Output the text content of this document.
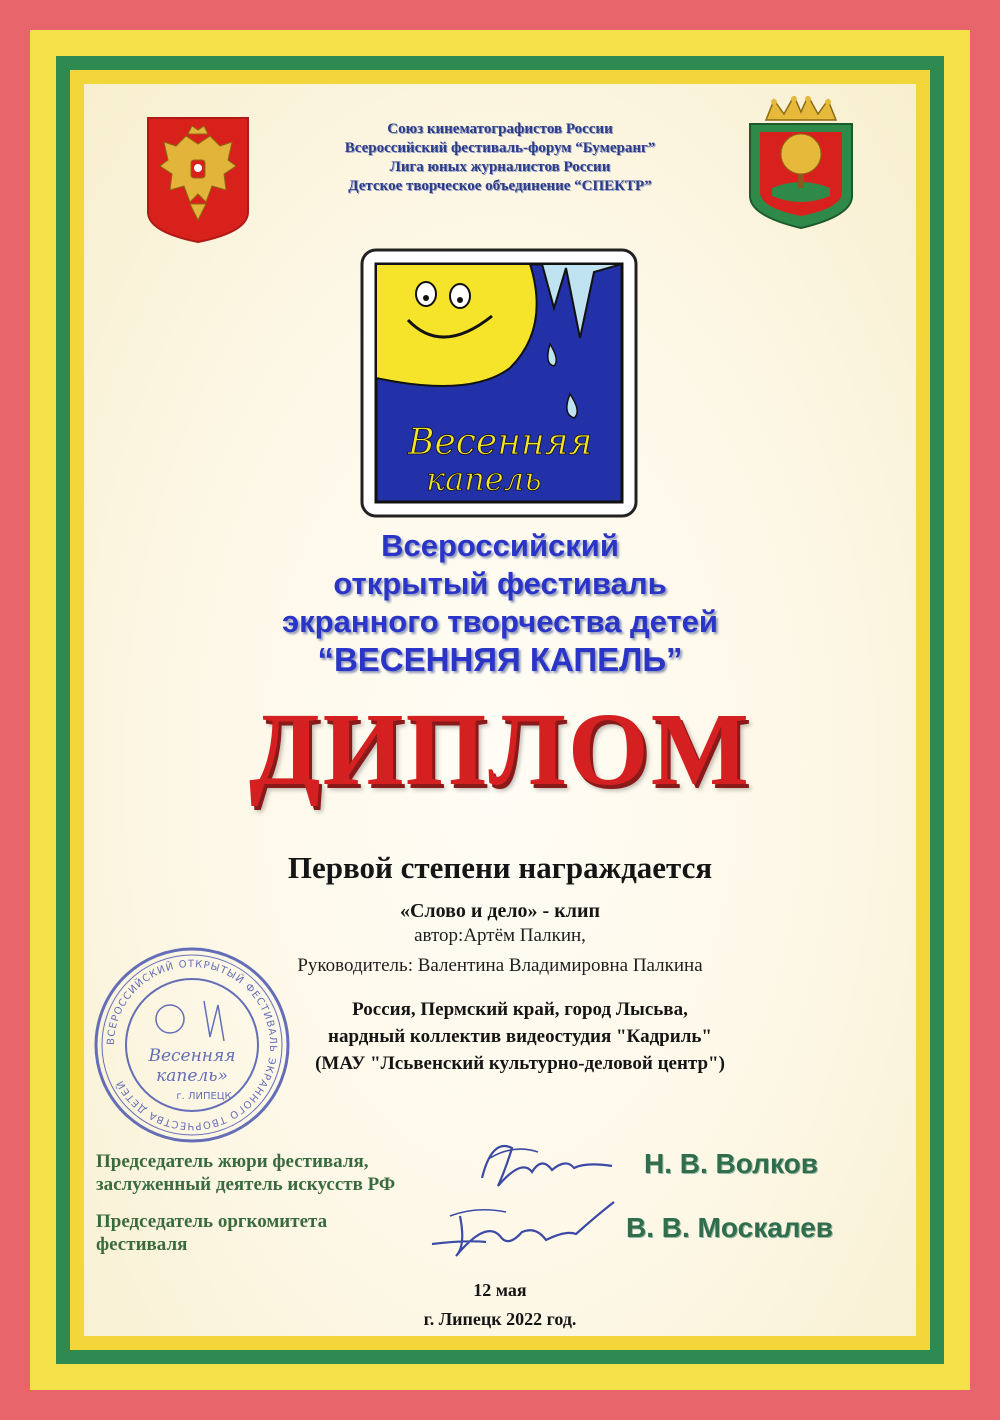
Союз кинематографистов России
Всероссийский фестиваль-форум “Бумеранг”
Лига юных журналистов России
Детское творческое объединение “СПЕКТР”
Весенняя
капель
Всероссийский
открытый фестиваль
экранного творчества детей
“ВЕСЕННЯЯ КАПЕЛЬ”
ДИПЛОМ
Первой степени награждается
«Слово и дело» - клип
автор:Артём Палкин,
Руководитель: Валентина Владимировна Палкина
Россия, Пермский край, город Лысьва,
нардный коллектив видеостудия "Кадриль"
(МАУ "Лсьвенский культурно-деловой центр")
ВСЕРОССИЙСКИЙ ОТКРЫТЫЙ ФЕСТИВАЛЬ ЭКРАННОГО ТВОРЧЕСТВА ДЕТЕЙ
Весенняя
капель»
г. ЛИПЕЦК
Председатель жюри фестиваля,
заслуженный деятель искусств РФ
Н. В. Волков
Председатель оргкомитета
фестиваля
В. В. Москалев
12 мая
г. Липецк 2022 год.
